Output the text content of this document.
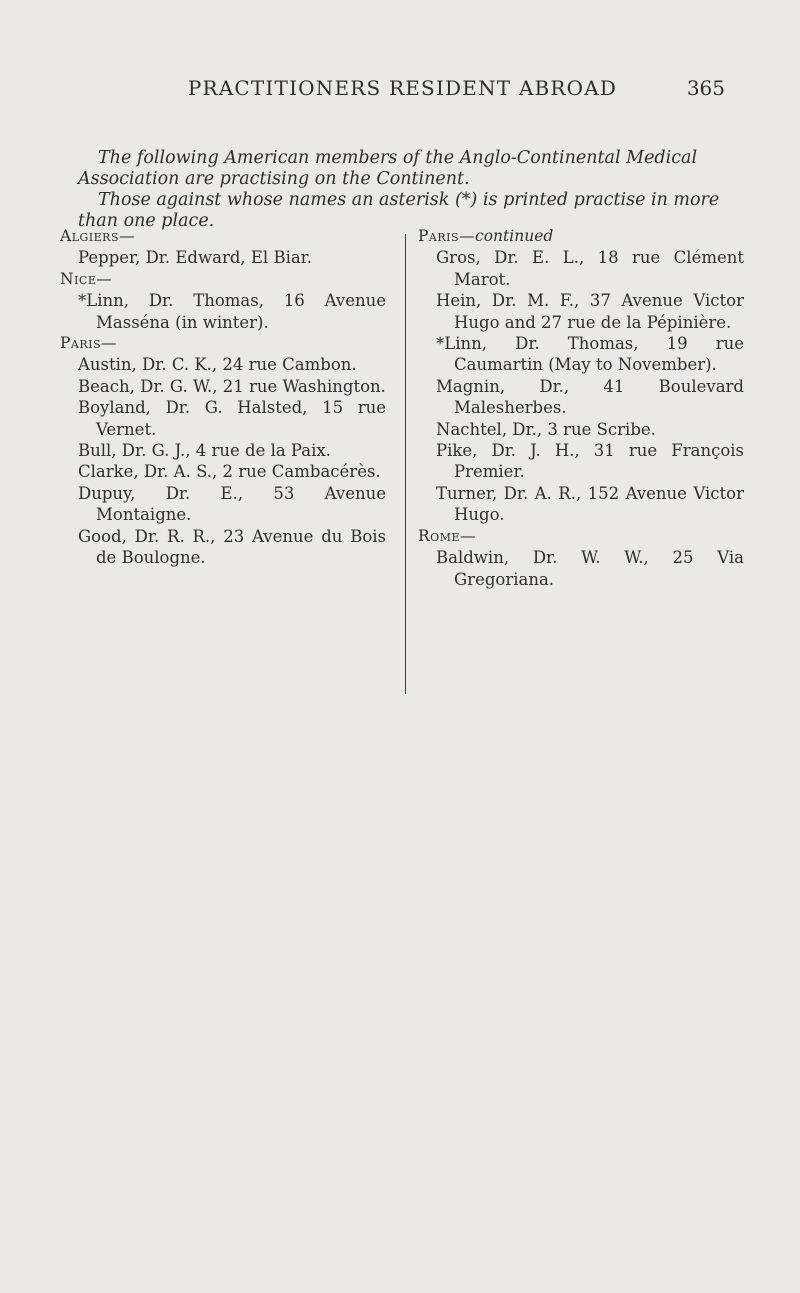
PRACTITIONERS RESIDENT ABROAD	365

The following American members of the Anglo-Continental Medical Association are practising on the Continent.

Those against whose names an asterisk (*) is printed practise in more than one place.

Algiers—
Pepper, Dr. Edward, El Biar.
Nice—
*Linn, Dr. Thomas, 16 Avenue Masséna (in winter).
Paris—
Austin, Dr. C. K., 24 rue Cambon.
Beach, Dr. G. W., 21 rue Washington.
Boyland, Dr. G. Halsted, 15 rue Vernet.
Bull, Dr. G. J., 4 rue de la Paix.
Clarke, Dr. A. S., 2 rue Cambacérès.
Dupuy, Dr. E., 53 Avenue Montaigne.
Good, Dr. R. R., 23 Avenue du Bois de Boulogne.
Paris—continued
Gros, Dr. E. L., 18 rue Clément Marot.
Hein, Dr. M. F., 37 Avenue Victor Hugo and 27 rue de la Pépinière.
*Linn, Dr. Thomas, 19 rue Caumartin (May to November).
Magnin, Dr., 41 Boulevard Malesherbes.
Nachtel, Dr., 3 rue Scribe.
Pike, Dr. J. H., 31 rue François Premier.
Turner, Dr. A. R., 152 Avenue Victor Hugo.
Rome—
Baldwin, Dr. W. W., 25 Via Gregoriana.
